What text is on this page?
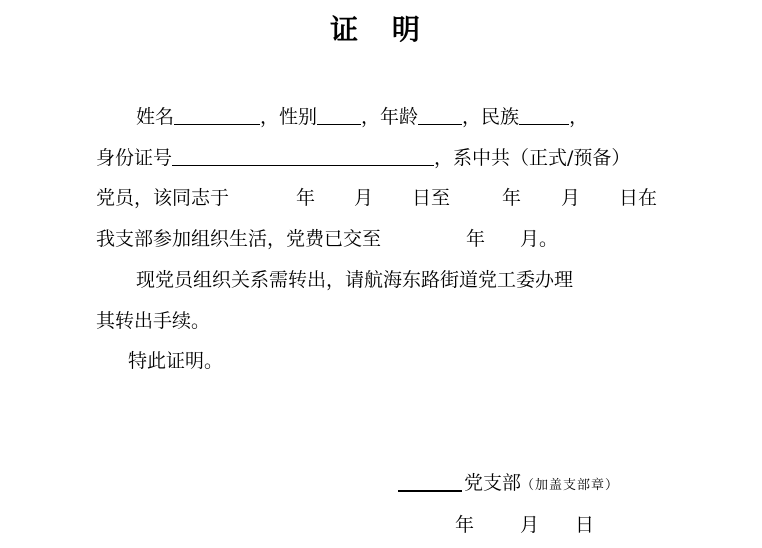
证 明
姓名	，性别 ，年龄 ，民族	，
身份证号	，系中共（正式/预备）
党员，该同志于	年 月 日至	年 月 日在
我支部参加组织生活，党费已交至	年 月。
现党员组织关系需转出，请航海东路街道党工委办理
其转出手续。
特此证明。
党支部（加盖支部章）
年 月 日
